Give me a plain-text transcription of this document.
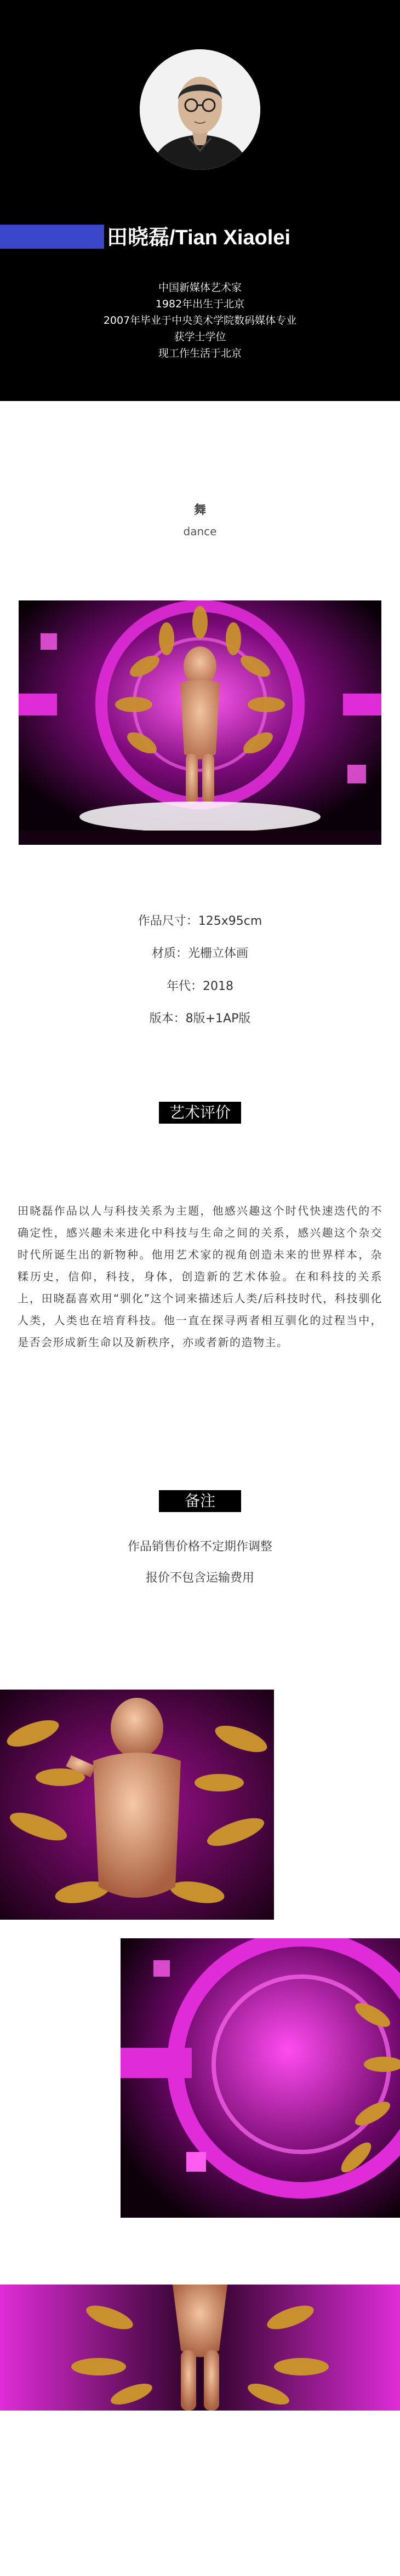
田晓磊/Tian Xiaolei
中国新媒体艺术家
1982年出生于北京
2007年毕业于中央美术学院数码媒体专业
获学士学位
现工作生活于北京
舞
dance
作品尺寸：125x95cm
材质：光栅立体画
年代：2018
版本：8版+1AP版
艺术评价

田晓磊作品以人与科技关系为主题，他感兴趣这个时代快速迭代的不确定性，感兴趣未来进化中科技与生命之间的关系，感兴趣这个杂交时代所诞生出的新物种。他用艺术家的视角创造未来的世界样本，杂糅历史，信仰，科技，身体，创造新的艺术体验。在和科技的关系上，田晓磊喜欢用“驯化”这个词来描述后人类/后科技时代，科技驯化人类，人类也在培育科技。他一直在探寻两者相互驯化的过程当中，是否会形成新生命以及新秩序，亦或者新的造物主。

备注
作品销售价格不定期作调整
报价不包含运输费用
